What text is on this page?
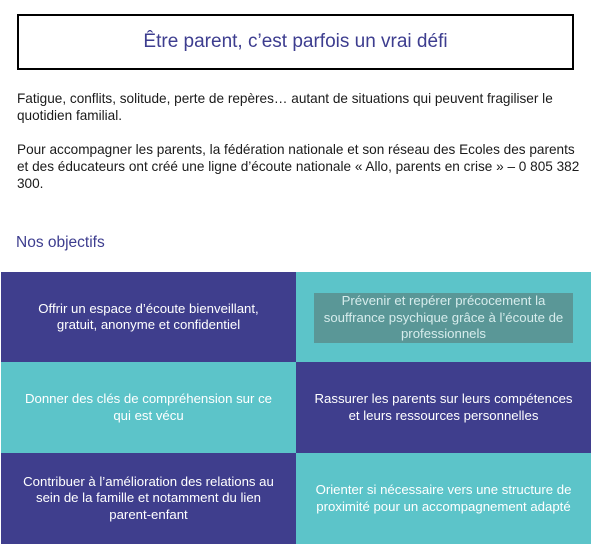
Être parent, c’est parfois un vrai défi

Fatigue, conflits, solitude, perte de repères… autant de situations qui peuvent fragiliser le quotidien familial.

Pour accompagner les parents, la fédération nationale et son réseau des Ecoles des parents et des éducateurs ont créé une ligne d’écoute nationale « Allo, parents en crise » – 0 805 382 300.

Nos objectifs
Offrir un espace d’écoute bienveillant, gratuit, anonyme et confidentiel
Prévenir et repérer précocement la souffrance psychique grâce à l’écoute de professionnels
Donner des clés de compréhension sur ce qui est vécu
Rassurer les parents sur leurs compétences et leurs ressources personnelles
Contribuer à l’amélioration des relations au sein de la famille et notamment du lien parent-enfant
Orienter si nécessaire vers une structure de proximité pour un accompagnement adapté
